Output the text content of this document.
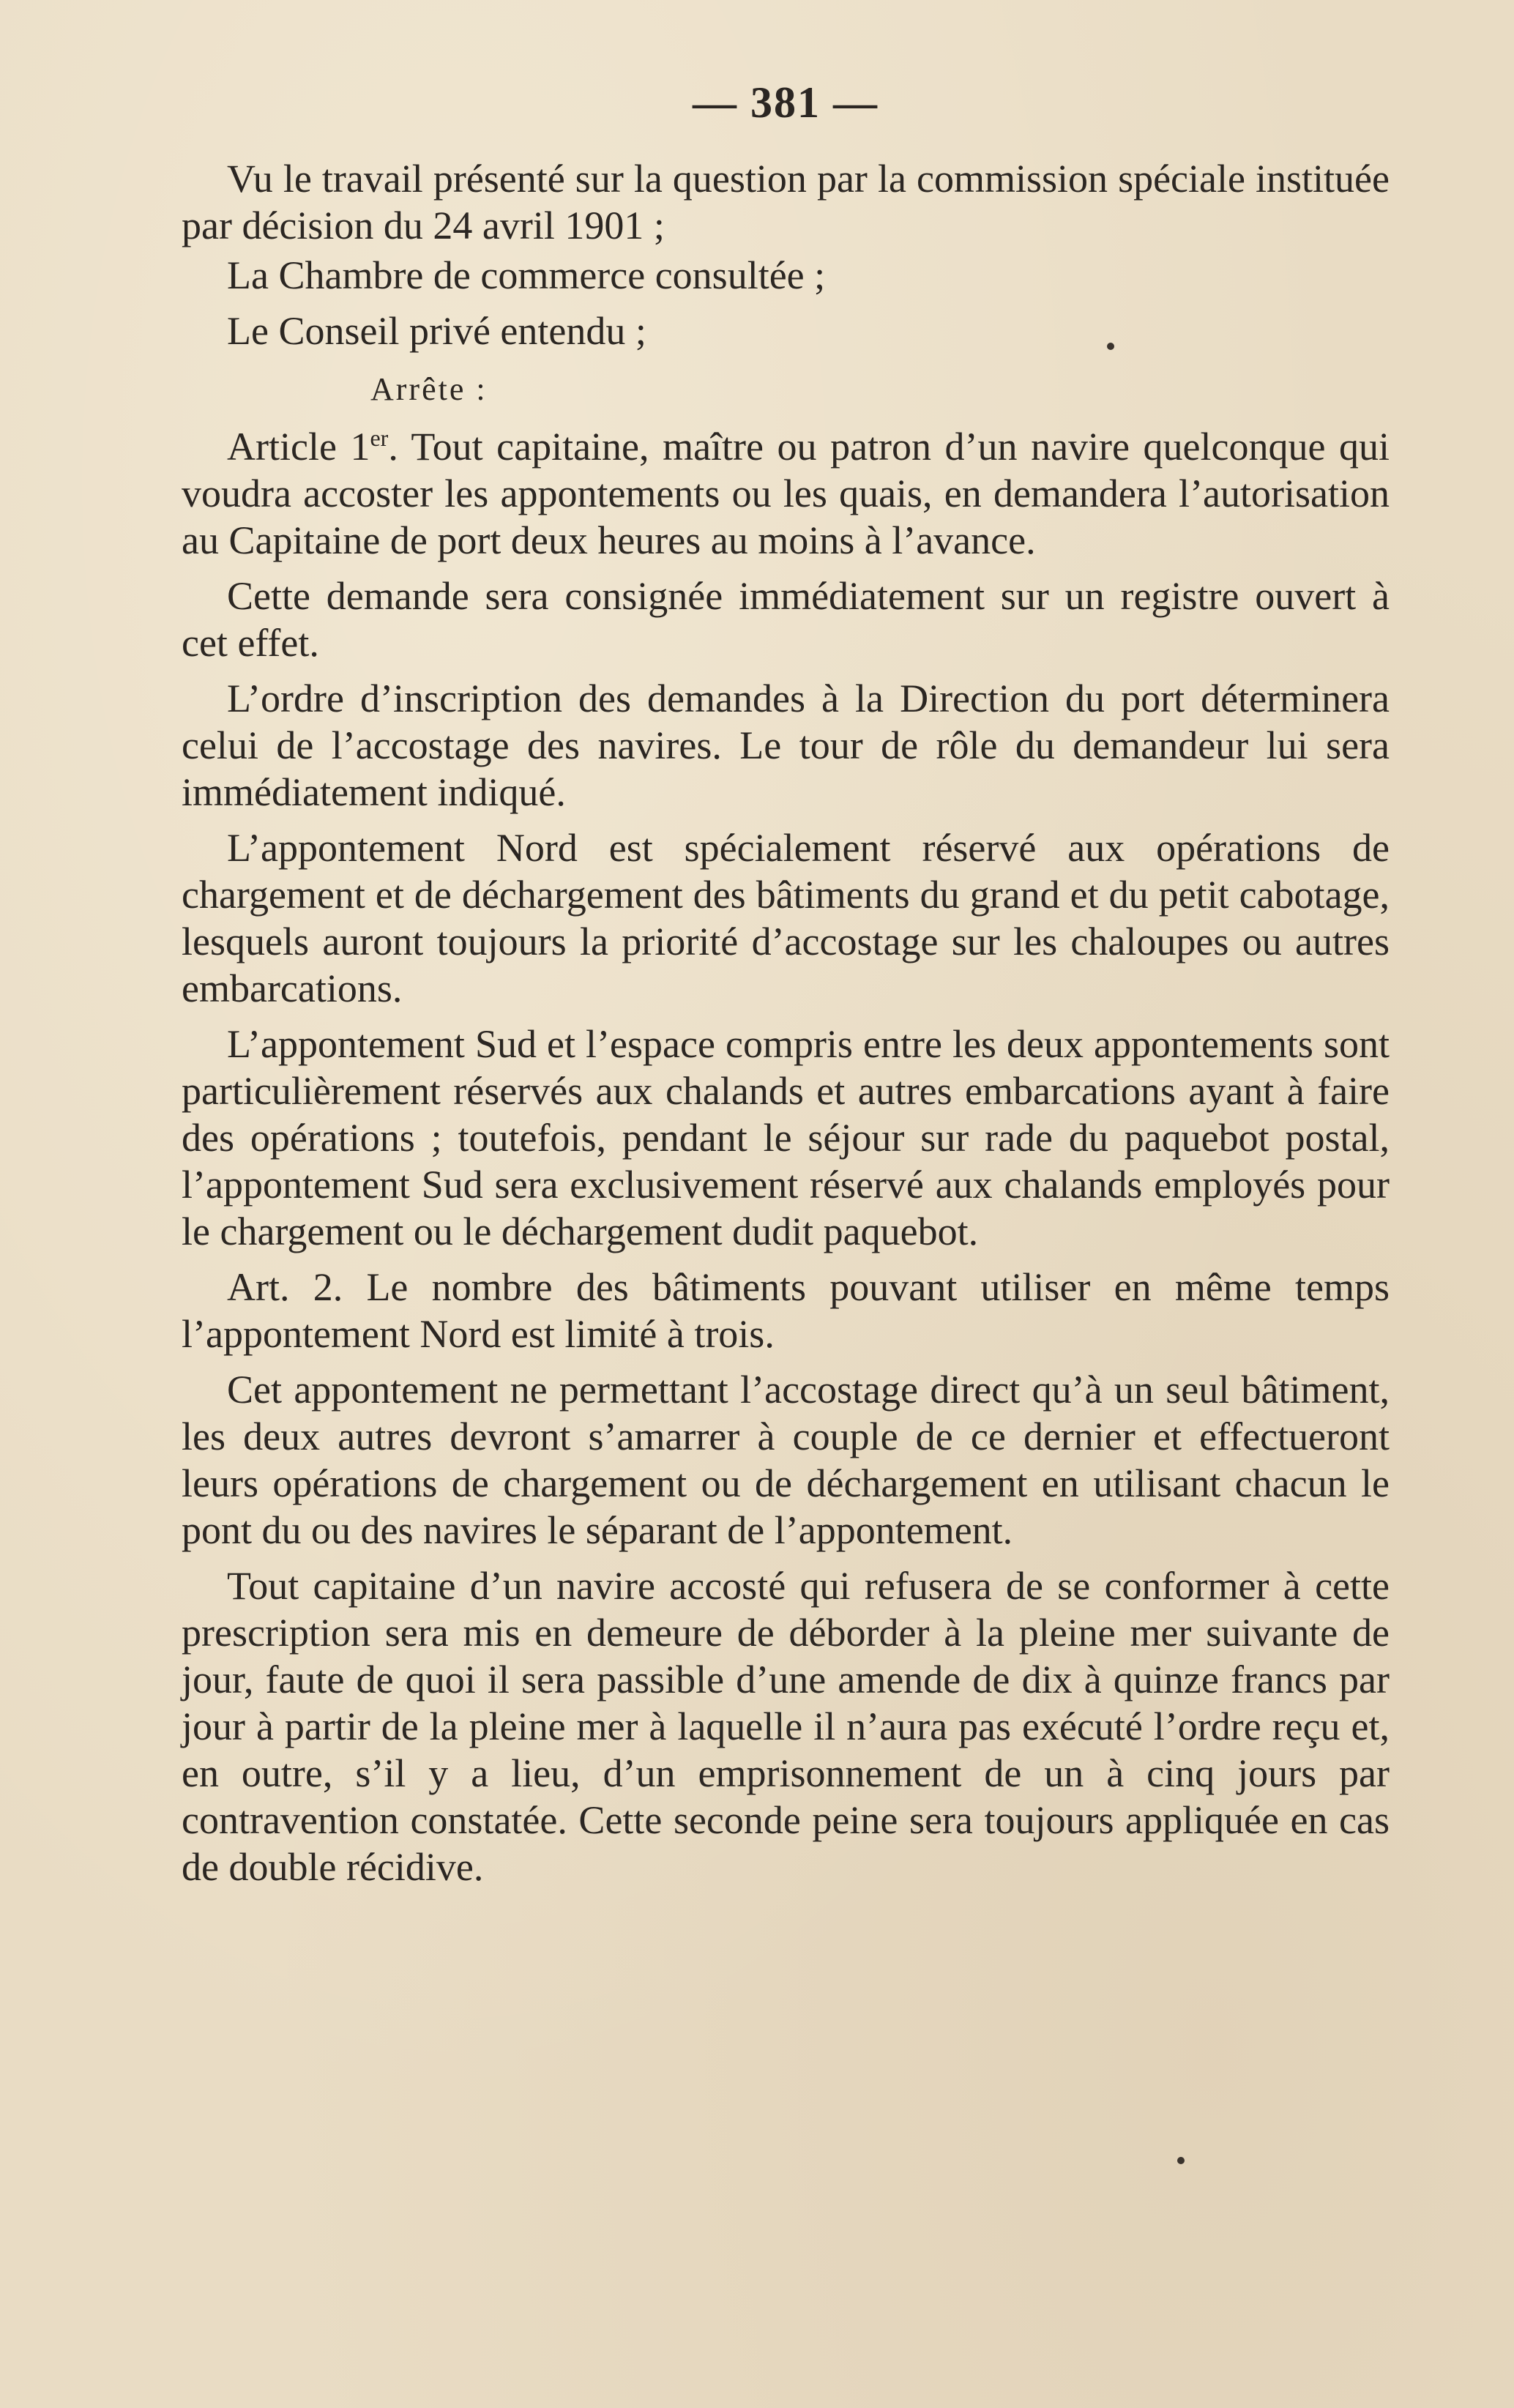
— 381 —

Vu le travail présenté sur la question par la commission spéciale instituée par décision du 24 avril 1901 ;

La Chambre de commerce consultée ;

Le Conseil privé entendu ;

Arrête :

Article 1er. Tout capitaine, maître ou patron d’un navire quelconque qui voudra accoster les appontements ou les quais, en demandera l’autorisation au Capitaine de port deux heures au moins à l’avance.

Cette demande sera consignée immédiatement sur un registre ouvert à cet effet.

L’ordre d’inscription des demandes à la Direction du port déterminera celui de l’accostage des navires. Le tour de rôle du demandeur lui sera immédiatement indiqué.

L’appontement Nord est spécialement réservé aux opérations de chargement et de déchargement des bâtiments du grand et du petit cabotage, lesquels auront toujours la priorité d’accostage sur les chaloupes ou autres embarcations.

L’appontement Sud et l’espace compris entre les deux appontements sont particulièrement réservés aux chalands et autres embarcations ayant à faire des opérations ; toutefois, pendant le séjour sur rade du paquebot postal, l’appontement Sud sera exclusivement réservé aux chalands employés pour le chargement ou le déchargement dudit paquebot.

Art. 2. Le nombre des bâtiments pouvant utiliser en même temps l’appontement Nord est limité à trois.

Cet appontement ne permettant l’accostage direct qu’à un seul bâtiment, les deux autres devront s’amarrer à couple de ce dernier et effectueront leurs opérations de chargement ou de déchargement en utilisant chacun le pont du ou des navires le séparant de l’appontement.

Tout capitaine d’un navire accosté qui refusera de se conformer à cette prescription sera mis en demeure de déborder à la pleine mer suivante de jour, faute de quoi il sera passible d’une amende de dix à quinze francs par jour à partir de la pleine mer à laquelle il n’aura pas exécuté l’ordre reçu et, en outre, s’il y a lieu, d’un emprisonnement de un à cinq jours par contravention constatée. Cette seconde peine sera toujours appliquée en cas de double récidive.
